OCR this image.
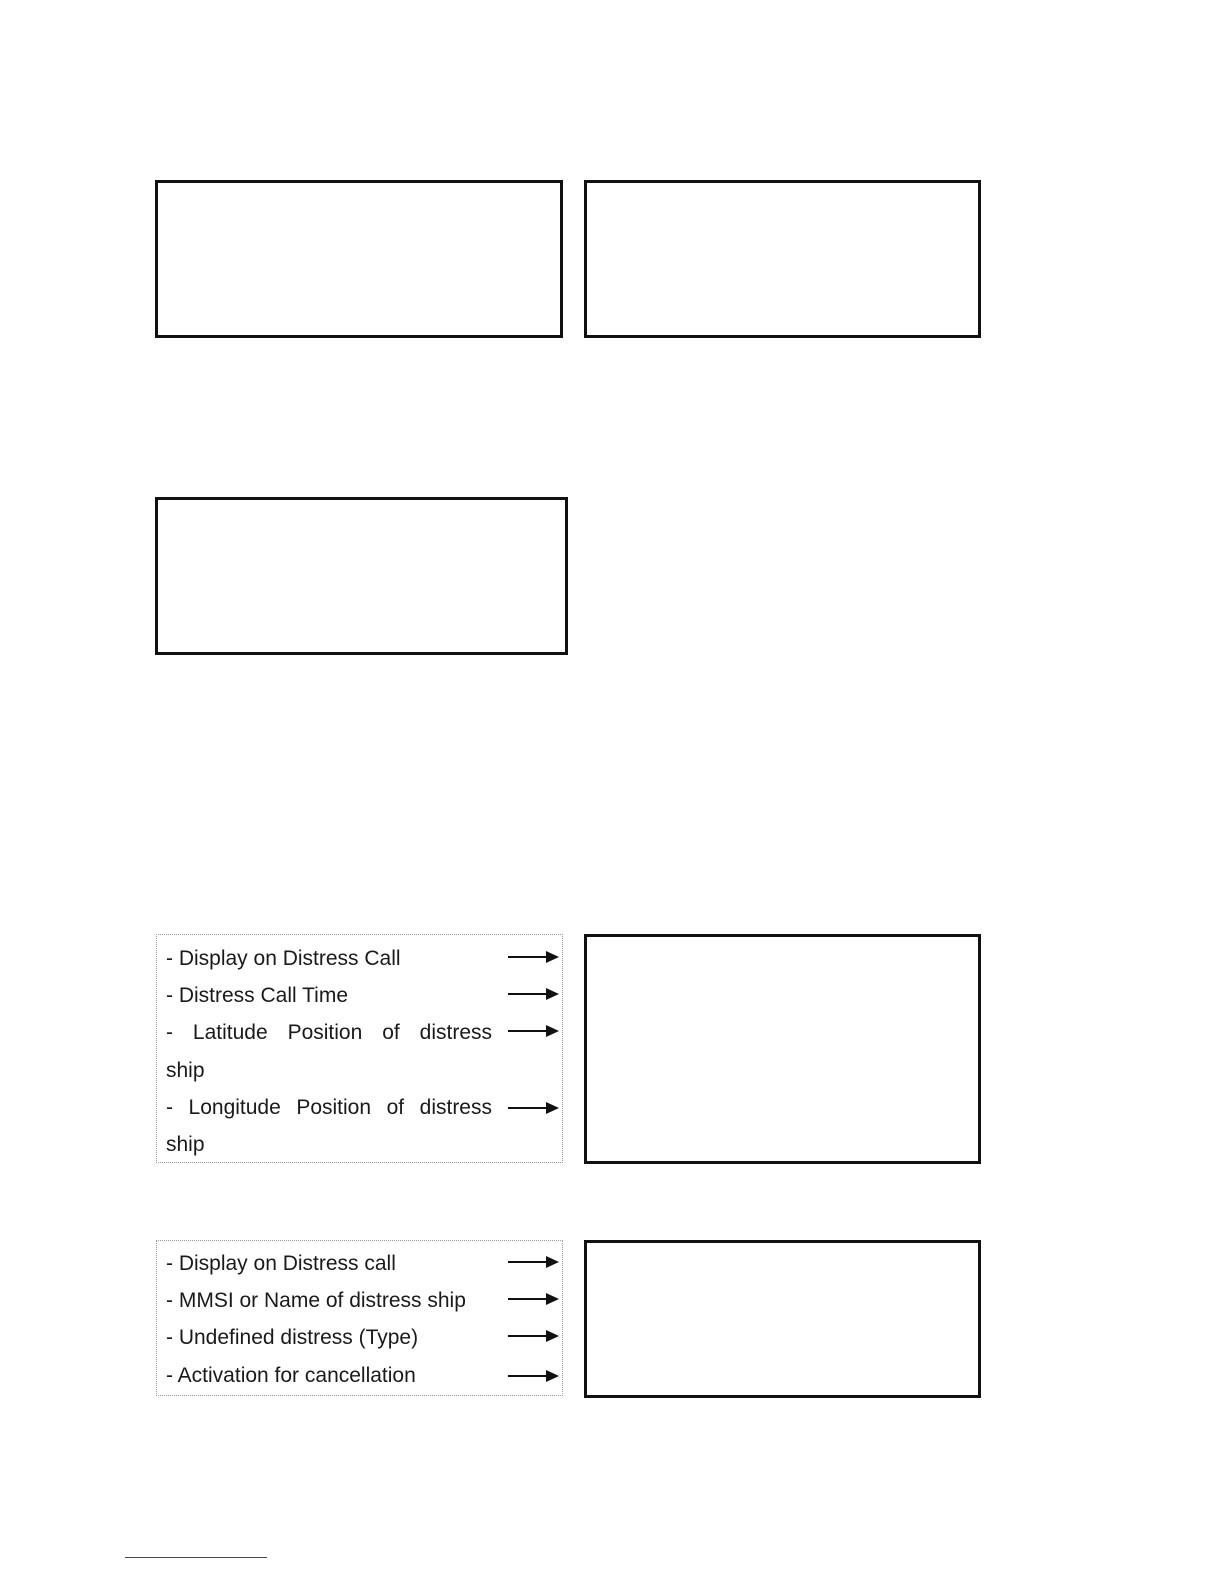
- Display on Distress Call
- Distress Call Time
- Latitude Position of distress
ship
- Longitude Position of distress
ship
- Display on Distress call
- MMSI or Name of distress ship
- Undefined distress (Type)
- Activation for cancellation
